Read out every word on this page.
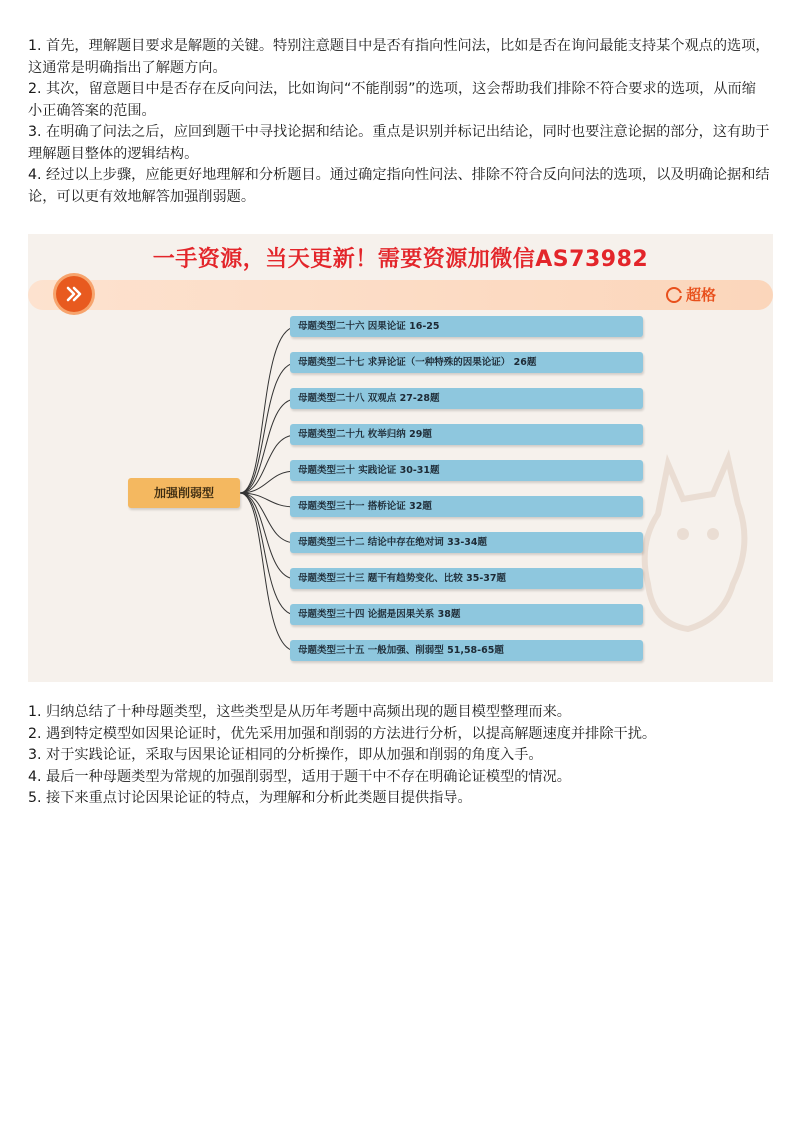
1. 首先，理解题目要求是解题的关键。特别注意题目中是否有指向性问法，比如是否在询问最能支持某个观点的选项，这通常是明确指出了解题方向。

2. 其次，留意题目中是否存在反向问法，比如询问“不能削弱”的选项，这会帮助我们排除不符合要求的选项，从而缩小正确答案的范围。

3. 在明确了问法之后，应回到题干中寻找论据和结论。重点是识别并标记出结论，同时也要注意论据的部分，这有助于理解题目整体的逻辑结构。

4. 经过以上步骤，应能更好地理解和分析题目。通过确定指向性问法、排除不符合反向问法的选项，以及明确论据和结论，可以更有效地解答加强削弱题。

一手资源，当天更新！需要资源加微信AS73982
超格
加强削弱型
母题类型二十六 因果论证 16-25
母题类型二十七 求异论证（一种特殊的因果论证） 26题
母题类型二十八 双观点 27-28题
母题类型二十九 枚举归纳 29题
母题类型三十 实践论证 30-31题
母题类型三十一 搭桥论证 32题
母题类型三十二 结论中存在绝对词 33-34题
母题类型三十三 题干有趋势变化、比较 35-37题
母题类型三十四 论据是因果关系 38题
母题类型三十五 一般加强、削弱型 51,58-65题

1. 归纳总结了十种母题类型，这些类型是从历年考题中高频出现的题目模型整理而来。

2. 遇到特定模型如因果论证时，优先采用加强和削弱的方法进行分析，以提高解题速度并排除干扰。

3. 对于实践论证，采取与因果论证相同的分析操作，即从加强和削弱的角度入手。

4. 最后一种母题类型为常规的加强削弱型，适用于题干中不存在明确论证模型的情况。

5. 接下来重点讨论因果论证的特点，为理解和分析此类题目提供指导。
